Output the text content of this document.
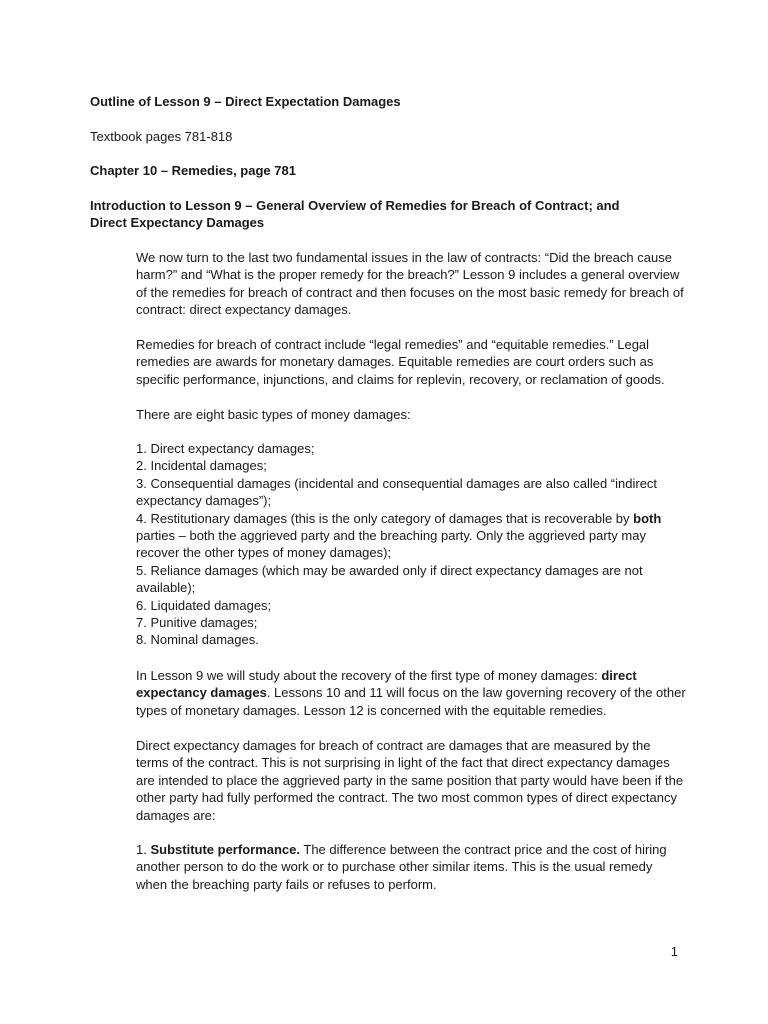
Outline of Lesson 9 – Direct Expectation Damages
Textbook pages 781-818
Chapter 10 – Remedies, page 781
Introduction to Lesson 9 – General Overview of Remedies for Breach of Contract; and Direct Expectancy Damages

We now turn to the last two fundamental issues in the law of contracts: “Did the breach cause harm?” and “What is the proper remedy for the breach?” Lesson 9 includes a general overview of the remedies for breach of contract and then focuses on the most basic remedy for breach of contract: direct expectancy damages.

Remedies for breach of contract include “legal remedies” and “equitable remedies.” Legal remedies are awards for monetary damages. Equitable remedies are court orders such as specific performance, injunctions, and claims for replevin, recovery, or reclamation of goods.

There are eight basic types of money damages:

1. Direct expectancy damages;
2. Incidental damages;
3. Consequential damages (incidental and consequential damages are also called “indirect expectancy damages”);
4. Restitutionary damages (this is the only category of damages that is recoverable by both parties – both the aggrieved party and the breaching party. Only the aggrieved party may recover the other types of money damages);
5. Reliance damages (which may be awarded only if direct expectancy damages are not available);
6. Liquidated damages;
7. Punitive damages;
8. Nominal damages.

In Lesson 9 we will study about the recovery of the first type of money damages: direct expectancy damages. Lessons 10 and 11 will focus on the law governing recovery of the other types of monetary damages. Lesson 12 is concerned with the equitable remedies.

Direct expectancy damages for breach of contract are damages that are measured by the terms of the contract. This is not surprising in light of the fact that direct expectancy damages are intended to place the aggrieved party in the same position that party would have been if the other party had fully performed the contract. The two most common types of direct expectancy damages are:

1. Substitute performance. The difference between the contract price and the cost of hiring another person to do the work or to purchase other similar items. This is the usual remedy when the breaching party fails or refuses to perform.

1
